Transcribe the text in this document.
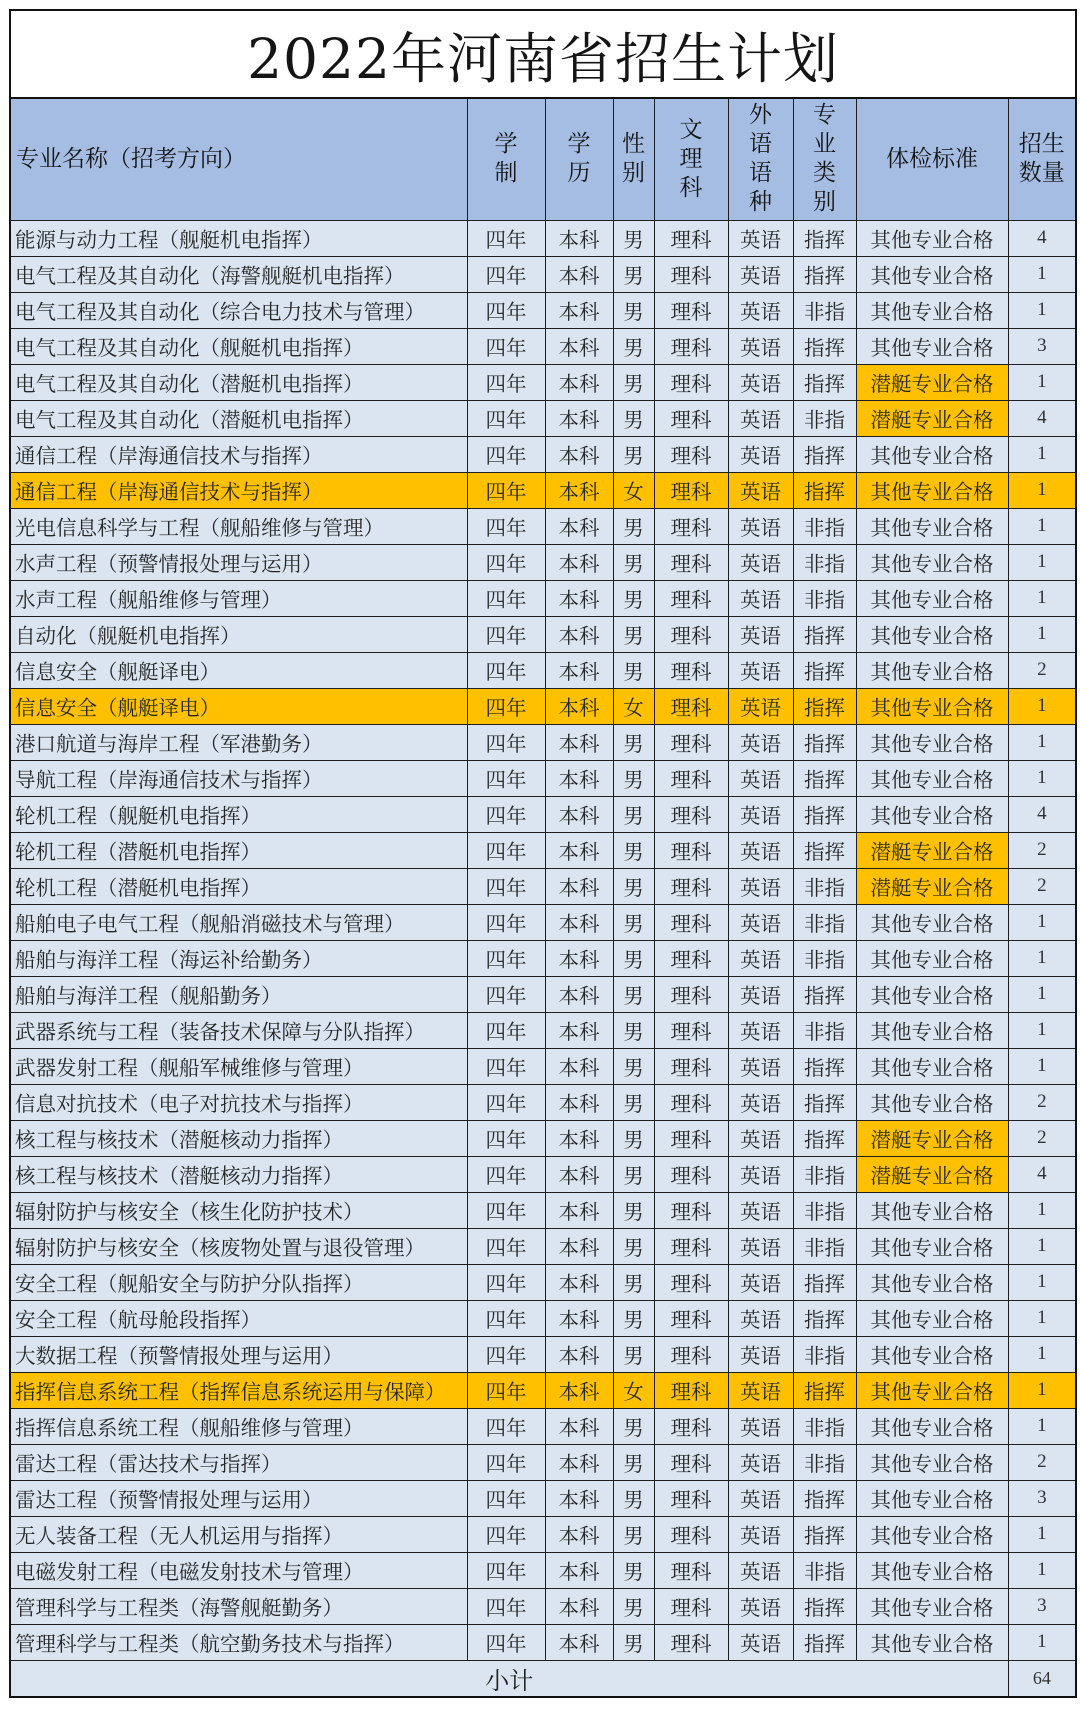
2022年河南省招生计划								
专业名称（招考方向）	学制	学历	性别	文理科	外语语种	专业类别	体检标准	招生数量
能源与动力工程（舰艇机电指挥）	四年	本科	男	理科	英语	指挥	其他专业合格	4
电气工程及其自动化（海警舰艇机电指挥）	四年	本科	男	理科	英语	指挥	其他专业合格	1
电气工程及其自动化（综合电力技术与管理）	四年	本科	男	理科	英语	非指	其他专业合格	1
电气工程及其自动化（舰艇机电指挥）	四年	本科	男	理科	英语	指挥	其他专业合格	3
电气工程及其自动化（潜艇机电指挥）	四年	本科	男	理科	英语	指挥	潜艇专业合格	1
电气工程及其自动化（潜艇机电指挥）	四年	本科	男	理科	英语	非指	潜艇专业合格	4
通信工程（岸海通信技术与指挥）	四年	本科	男	理科	英语	指挥	其他专业合格	1
通信工程（岸海通信技术与指挥）	四年	本科	女	理科	英语	指挥	其他专业合格	1
光电信息科学与工程（舰船维修与管理）	四年	本科	男	理科	英语	非指	其他专业合格	1
水声工程（预警情报处理与运用）	四年	本科	男	理科	英语	非指	其他专业合格	1
水声工程（舰船维修与管理）	四年	本科	男	理科	英语	非指	其他专业合格	1
自动化（舰艇机电指挥）	四年	本科	男	理科	英语	指挥	其他专业合格	1
信息安全（舰艇译电）	四年	本科	男	理科	英语	指挥	其他专业合格	2
信息安全（舰艇译电）	四年	本科	女	理科	英语	指挥	其他专业合格	1
港口航道与海岸工程（军港勤务）	四年	本科	男	理科	英语	指挥	其他专业合格	1
导航工程（岸海通信技术与指挥）	四年	本科	男	理科	英语	指挥	其他专业合格	1
轮机工程（舰艇机电指挥）	四年	本科	男	理科	英语	指挥	其他专业合格	4
轮机工程（潜艇机电指挥）	四年	本科	男	理科	英语	指挥	潜艇专业合格	2
轮机工程（潜艇机电指挥）	四年	本科	男	理科	英语	非指	潜艇专业合格	2
船舶电子电气工程（舰船消磁技术与管理）	四年	本科	男	理科	英语	非指	其他专业合格	1
船舶与海洋工程（海运补给勤务）	四年	本科	男	理科	英语	非指	其他专业合格	1
船舶与海洋工程（舰船勤务）	四年	本科	男	理科	英语	指挥	其他专业合格	1
武器系统与工程（装备技术保障与分队指挥）	四年	本科	男	理科	英语	非指	其他专业合格	1
武器发射工程（舰船军械维修与管理）	四年	本科	男	理科	英语	指挥	其他专业合格	1
信息对抗技术（电子对抗技术与指挥）	四年	本科	男	理科	英语	指挥	其他专业合格	2
核工程与核技术（潜艇核动力指挥）	四年	本科	男	理科	英语	指挥	潜艇专业合格	2
核工程与核技术（潜艇核动力指挥）	四年	本科	男	理科	英语	非指	潜艇专业合格	4
辐射防护与核安全（核生化防护技术）	四年	本科	男	理科	英语	非指	其他专业合格	1
辐射防护与核安全（核废物处置与退役管理）	四年	本科	男	理科	英语	非指	其他专业合格	1
安全工程（舰船安全与防护分队指挥）	四年	本科	男	理科	英语	指挥	其他专业合格	1
安全工程（航母舱段指挥）	四年	本科	男	理科	英语	指挥	其他专业合格	1
大数据工程（预警情报处理与运用）	四年	本科	男	理科	英语	非指	其他专业合格	1
指挥信息系统工程（指挥信息系统运用与保障）	四年	本科	女	理科	英语	指挥	其他专业合格	1
指挥信息系统工程（舰船维修与管理）	四年	本科	男	理科	英语	非指	其他专业合格	1
雷达工程（雷达技术与指挥）	四年	本科	男	理科	英语	非指	其他专业合格	2
雷达工程（预警情报处理与运用）	四年	本科	男	理科	英语	指挥	其他专业合格	3
无人装备工程（无人机运用与指挥）	四年	本科	男	理科	英语	指挥	其他专业合格	1
电磁发射工程（电磁发射技术与管理）	四年	本科	男	理科	英语	非指	其他专业合格	1
管理科学与工程类（海警舰艇勤务）	四年	本科	男	理科	英语	指挥	其他专业合格	3
管理科学与工程类（航空勤务技术与指挥）	四年	本科	男	理科	英语	指挥	其他专业合格	1
小计								64
